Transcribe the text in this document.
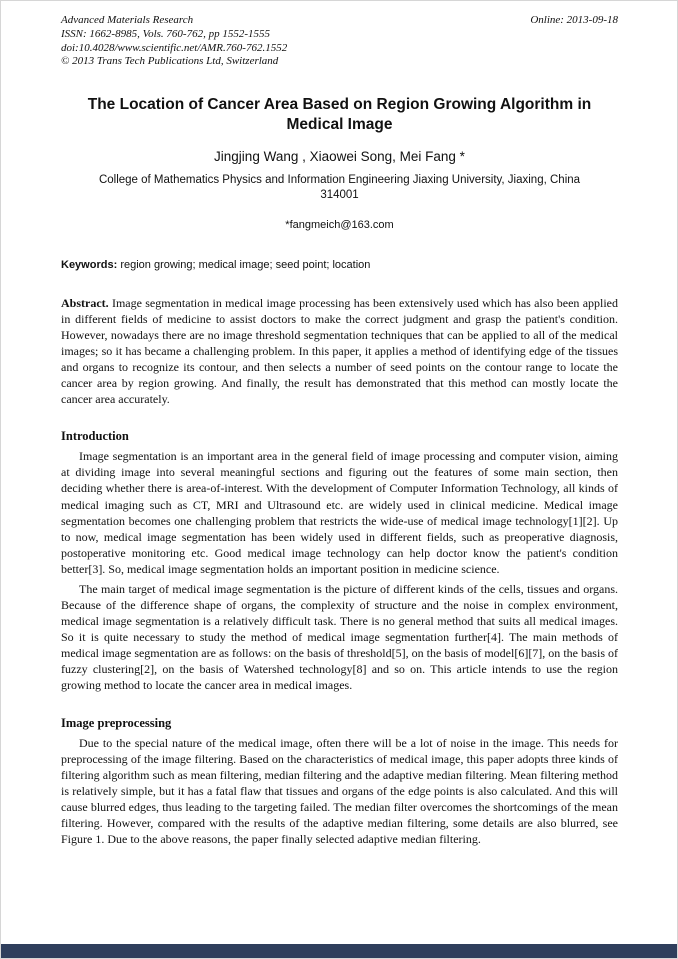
Advanced Materials Research
ISSN: 1662-8985, Vols. 760-762, pp 1552-1555
doi:10.4028/www.scientific.net/AMR.760-762.1552
© 2013 Trans Tech Publications Ltd, Switzerland
Online: 2013-09-18
The Location of Cancer Area Based on Region Growing Algorithm in Medical Image
Jingjing Wang , Xiaowei Song, Mei Fang *
College of Mathematics Physics and Information Engineering Jiaxing University, Jiaxing, China
314001
*fangmeich@163.com
Keywords: region growing; medical image; seed point; location

Abstract. Image segmentation in medical image processing has been extensively used which has also been applied in different fields of medicine to assist doctors to make the correct judgment and grasp the patient's condition. However, nowadays there are no image threshold segmentation techniques that can be applied to all of the medical images; so it has became a challenging problem. In this paper, it applies a method of identifying edge of the tissues and organs to recognize its contour, and then selects a number of seed points on the contour range to locate the cancer area by region growing. And finally, the result has demonstrated that this method can mostly locate the cancer area accurately.

Introduction

Image segmentation is an important area in the general field of image processing and computer vision, aiming at dividing image into several meaningful sections and figuring out the features of some main section, then deciding whether there is area-of-interest. With the development of Computer Information Technology, all kinds of medical imaging such as CT, MRI and Ultrasound etc. are widely used in clinical medicine. Medical image segmentation becomes one challenging problem that restricts the wide-use of medical image technology[1][2]. Up to now, medical image segmentation has been widely used in different fields, such as preoperative diagnosis, postoperative monitoring etc. Good medical image technology can help doctor know the patient's condition better[3]. So, medical image segmentation holds an important position in medicine science.

The main target of medical image segmentation is the picture of different kinds of the cells, tissues and organs. Because of the difference shape of organs, the complexity of structure and the noise in complex environment, medical image segmentation is a relatively difficult task. There is no general method that suits all medical images. So it is quite necessary to study the method of medical image segmentation further[4]. The main methods of medical image segmentation are as follows: on the basis of threshold[5], on the basis of model[6][7], on the basis of fuzzy clustering[2], on the basis of Watershed technology[8] and so on. This article intends to use the region growing method to locate the cancer area in medical images.

Image preprocessing

Due to the special nature of the medical image, often there will be a lot of noise in the image. This needs for preprocessing of the image filtering. Based on the characteristics of medical image, this paper adopts three kinds of filtering algorithm such as mean filtering, median filtering and the adaptive median filtering. Mean filtering method is relatively simple, but it has a fatal flaw that tissues and organs of the edge points is also calculated. And this will cause blurred edges, thus leading to the targeting failed. The median filter overcomes the shortcomings of the mean filtering. However, compared with the results of the adaptive median filtering, some details are also blurred, see Figure 1. Due to the above reasons, the paper finally selected adaptive median filtering.
